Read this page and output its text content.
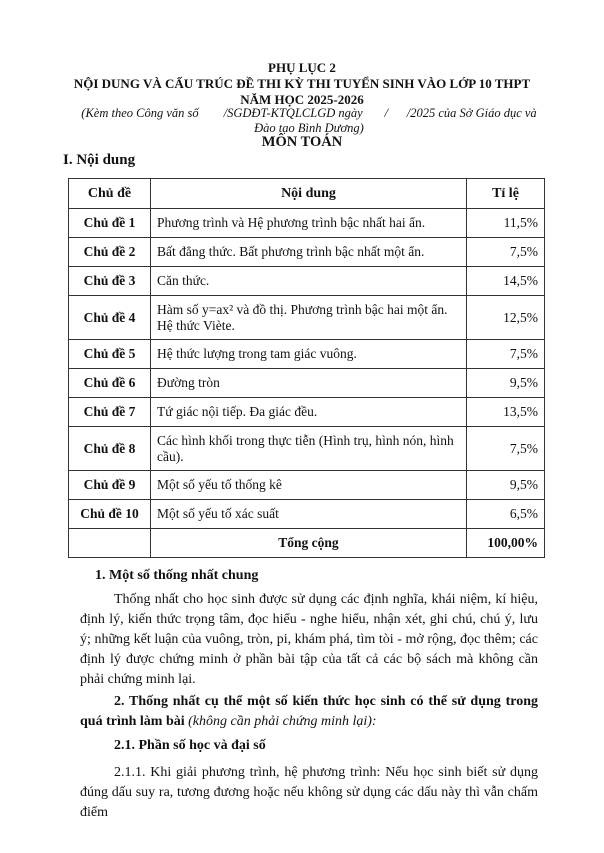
PHỤ LỤC 2
NỘI DUNG VÀ CẤU TRÚC ĐỀ THI KỲ THI TUYỂN SINH VÀO LỚP 10 THPT
NĂM HỌC 2025-2026
(Kèm theo Công văn số        /SGDĐT-KTQLCLGD ngày       /      /2025 của Sở Giáo dục và Đào tạo Bình Dương)
MÔN TOÁN
I. Nội dung
Chủ đề	Nội dung	Tỉ lệ
Chủ đề 1	Phương trình và Hệ phương trình bậc nhất hai ẩn.	11,5%
Chủ đề 2	Bất đẳng thức. Bất phương trình bậc nhất một ẩn.	7,5%
Chủ đề 3	Căn thức.	14,5%
Chủ đề 4	Hàm số y=ax² và đồ thị. Phương trình bậc hai một ẩn. Hệ thức Viète.	12,5%
Chủ đề 5	Hệ thức lượng trong tam giác vuông.	7,5%
Chủ đề 6	Đường tròn	9,5%
Chủ đề 7	Tứ giác nội tiếp. Đa giác đều.	13,5%
Chủ đề 8	Các hình khối trong thực tiễn (Hình trụ, hình nón, hình cầu).	7,5%
Chủ đề 9	Một số yếu tố thống kê	9,5%
Chủ đề 10	Một số yếu tố xác suất	6,5%
	Tổng cộng	100,00%
1. Một số thống nhất chung
Thống nhất cho học sinh được sử dụng các định nghĩa, khái niệm, kí hiệu, định lý, kiến thức trọng tâm, đọc hiểu - nghe hiểu, nhận xét, ghi chú, chú ý, lưu ý; những kết luận của vuông, tròn, pi, khám phá, tìm tòi - mở rộng, đọc thêm; các định lý được chứng minh ở phần bài tập của tất cả các bộ sách mà không cần phải chứng minh lại.
2. Thống nhất cụ thể một số kiến thức học sinh có thể sử dụng trong quá trình làm bài (không cần phải chứng minh lại):
2.1. Phần số học và đại số
2.1.1. Khi giải phương trình, hệ phương trình: Nếu học sinh biết sử dụng đúng dấu suy ra, tương đương hoặc nếu không sử dụng các dấu này thì vẫn chấm điểm
